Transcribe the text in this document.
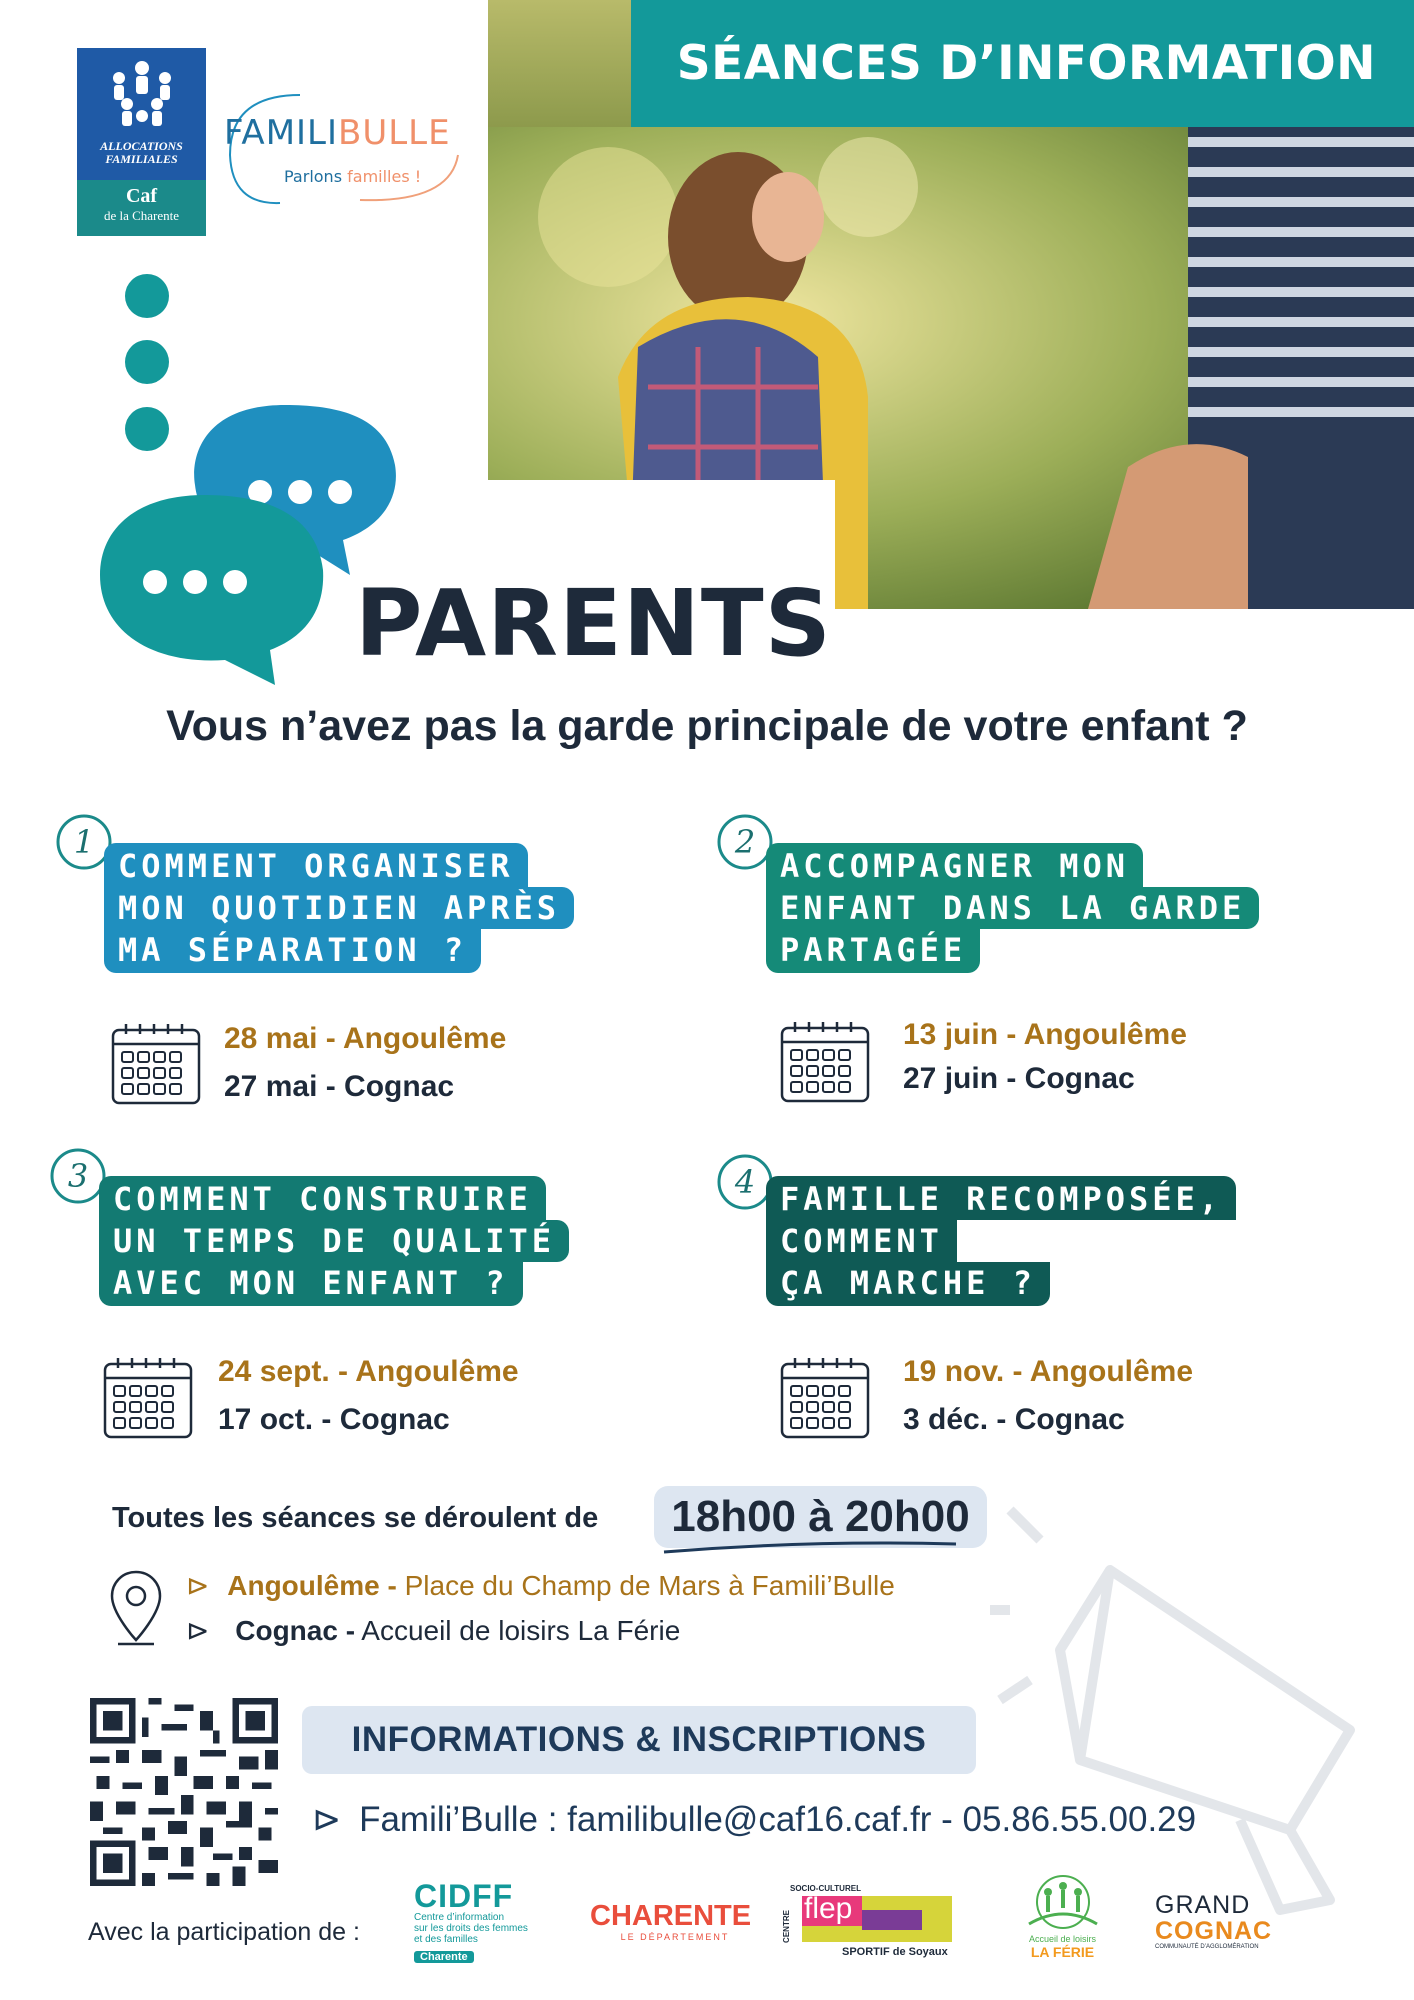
SÉANCES D’INFORMATION
ALLOCATIONS
FAMILIALES
Caf
de la Charente
FAMILIBULLE
Parlons familles !
PARENTS
Vous n’avez pas la garde principale de votre enfant ?
1
COMMENT ORGANISER
MON QUOTIDIEN APRÈS
MA SÉPARATION ?
28 mai - Angoulême
27 mai - Cognac
2
ACCOMPAGNER MON
ENFANT DANS LA GARDE
PARTAGÉE
13 juin - Angoulême
27 juin - Cognac
3
COMMENT CONSTRUIRE
UN TEMPS DE QUALITÉ
AVEC MON ENFANT ?
24 sept. - Angoulême
17 oct. - Cognac
4 FAMILLE RECOMPOSÉE,
COMMENT
ÇA MARCHE ?
19 nov. - Angoulême
3 déc. - Cognac
Toutes les séances se déroulent de	18h00 à 20h00
⊳ Angoulême - Place du Champ de Mars à Famili’Bulle
⊳ Cognac - Accueil de loisirs La Férie
INFORMATIONS & INSCRIPTIONS
⊳ Famili’Bulle : familibulle@caf16.caf.fr - 05.86.55.00.29
Avec la participation de :
CIDFF
Centre d’information
sur les droits des femmes
et des familles
Charente
CHARENTE
LE DÉPARTEMENT
SOCIO-CULTUREL
CENTRE
flep
SPORTIF de Soyaux
Accueil de loisirs
LA FÉRIE
GRAND
COGNAC
COMMUNAUTÉ D’AGGLOMÉRATION
